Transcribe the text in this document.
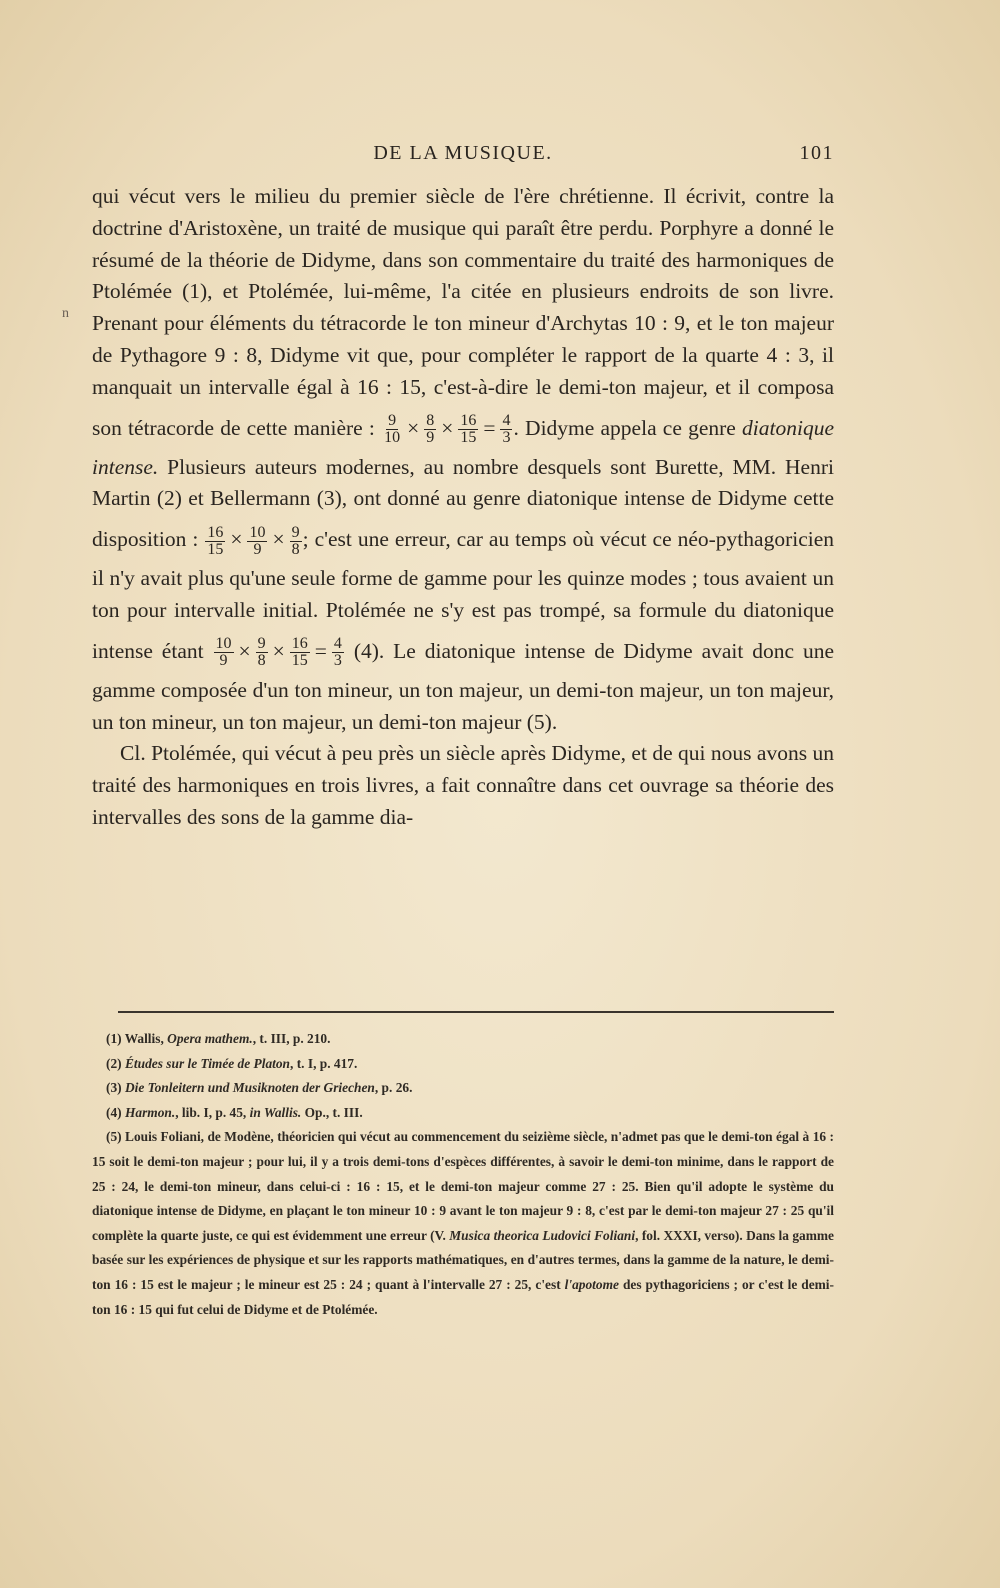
DE LA MUSIQUE.	101
n

qui vécut vers le milieu du premier siècle de l'ère chrétienne. Il écrivit, contre la doctrine d'Aristoxène, un traité de musique qui paraît être perdu. Porphyre a donné le résumé de la théorie de Didyme, dans son commentaire du traité des harmoniques de Ptolémée (1), et Ptolémée, lui-même, l'a citée en plusieurs endroits de son livre. Prenant pour éléments du tétracorde le ton mineur d'Archytas 10 : 9, et le ton majeur de Pythagore 9 : 8, Didyme vit que, pour compléter le rapport de la quarte 4 : 3, il manquait un intervalle égal à 16 : 15, c'est-à-dire le demi-ton majeur, et il composa son tétracorde de cette manière : $\frac{9}{10} \times \frac{8}{9} \times \frac{16}{15} = \frac{4}{3}$ . Didyme appela ce genre diatonique intense. Plusieurs auteurs modernes, au nombre desquels sont Burette, MM. Henri Martin (2) et Bellermann (3), ont donné au genre diatonique intense de Didyme cette disposition : $\frac{16}{15} \times \frac{10}{9} \times \frac{9}{8}$ ; c'est une erreur, car au temps où vécut ce néo-pythagoricien il n'y avait plus qu'une seule forme de gamme pour les quinze modes ; tous avaient un ton pour intervalle initial. Ptolémée ne s'y est pas trompé, sa formule du diatonique intense étant $\frac{10}{9} \times \frac{9}{8} \times \frac{16}{15} = \frac{4}{3} (4)$. Le diatonique intense de Didyme avait donc une gamme composée d'un ton mineur, un ton majeur, un demi-ton majeur, un ton majeur, un ton mineur, un ton majeur, un demi-ton majeur (5).

Cl. Ptolémée, qui vécut à peu près un siècle après Didyme, et de qui nous avons un traité des harmoniques en trois livres, a fait connaître dans cet ouvrage sa théorie des intervalles des sons de la gamme dia-

(1) Wallis, Opera mathem., t. III, p. 210.

(2) Études sur le Timée de Platon, t. I, p. 417.

(3) Die Tonleitern und Musiknoten der Griechen, p. 26.

(4) Harmon., lib. I, p. 45, in Wallis. Op., t. III.

(5) Louis Foliani, de Modène, théoricien qui vécut au commencement du seizième siècle, n'admet pas que le demi-ton égal à 16 : 15 soit le demi-ton majeur ; pour lui, il y a trois demi-tons d'espèces différentes, à savoir le demi-ton minime, dans le rapport de 25 : 24, le demi-ton mineur, dans celui-ci : 16 : 15, et le demi-ton majeur comme 27 : 25. Bien qu'il adopte le système du diatonique intense de Didyme, en plaçant le ton mineur 10 : 9 avant le ton majeur 9 : 8, c'est par le demi-ton majeur 27 : 25 qu'il complète la quarte juste, ce qui est évidemment une erreur (V. Musica theorica Ludovici Foliani, fol. XXXI, verso). Dans la gamme basée sur les expériences de physique et sur les rapports mathématiques, en d'autres termes, dans la gamme de la nature, le demi-ton 16 : 15 est le majeur ; le mineur est 25 : 24 ; quant à l'intervalle 27 : 25, c'est l'apotome des pythagoriciens ; or c'est le demi-ton 16 : 15 qui fut celui de Didyme et de Ptolémée.
